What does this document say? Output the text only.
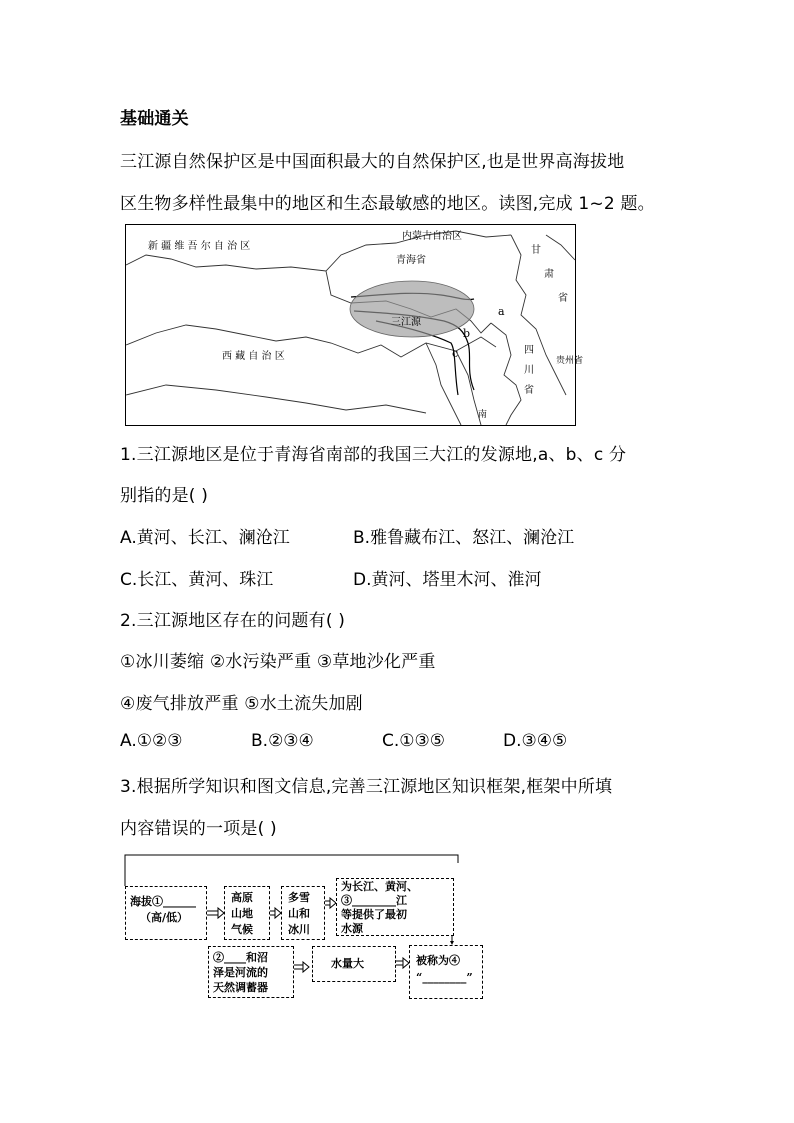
基础通关
三江源自然保护区是中国面积最大的自然保护区,也是世界高海拔地
区生物多样性最集中的地区和生态最敏感的地区。读图,完成 1~2 题。
新 疆 维 吾 尔 自 治 区
内蒙古自治区
甘
青海省
肃
省
三江源
a
b
c
西 藏 自 治 区
四
川
省
贵州省
南
1.三江源地区是位于青海省南部的我国三大江的发源地,a、b、c 分
别指的是( )
A.黄河、长江、澜沧江	B.雅鲁藏布江、怒江、澜沧江
C.长江、黄河、珠江	D.黄河、塔里木河、淮河
2.三江源地区存在的问题有( )
①冰川萎缩 ②水污染严重 ③草地沙化严重
④废气排放严重 ⑤水土流失加剧
A.①②③	B.②③④	C.①③⑤	D.③④⑤
3.根据所学知识和图文信息,完善三江源地区知识框架,框架中所填
内容错误的一项是( )
海拔①______
（高/低）
高原
山地
气候
多雪
山和
冰川
为长江、黄河、
③________江
等提供了最初
水源
②____和沼
泽是河流的
天然调蓄器
水量大	被称为④
“________”
